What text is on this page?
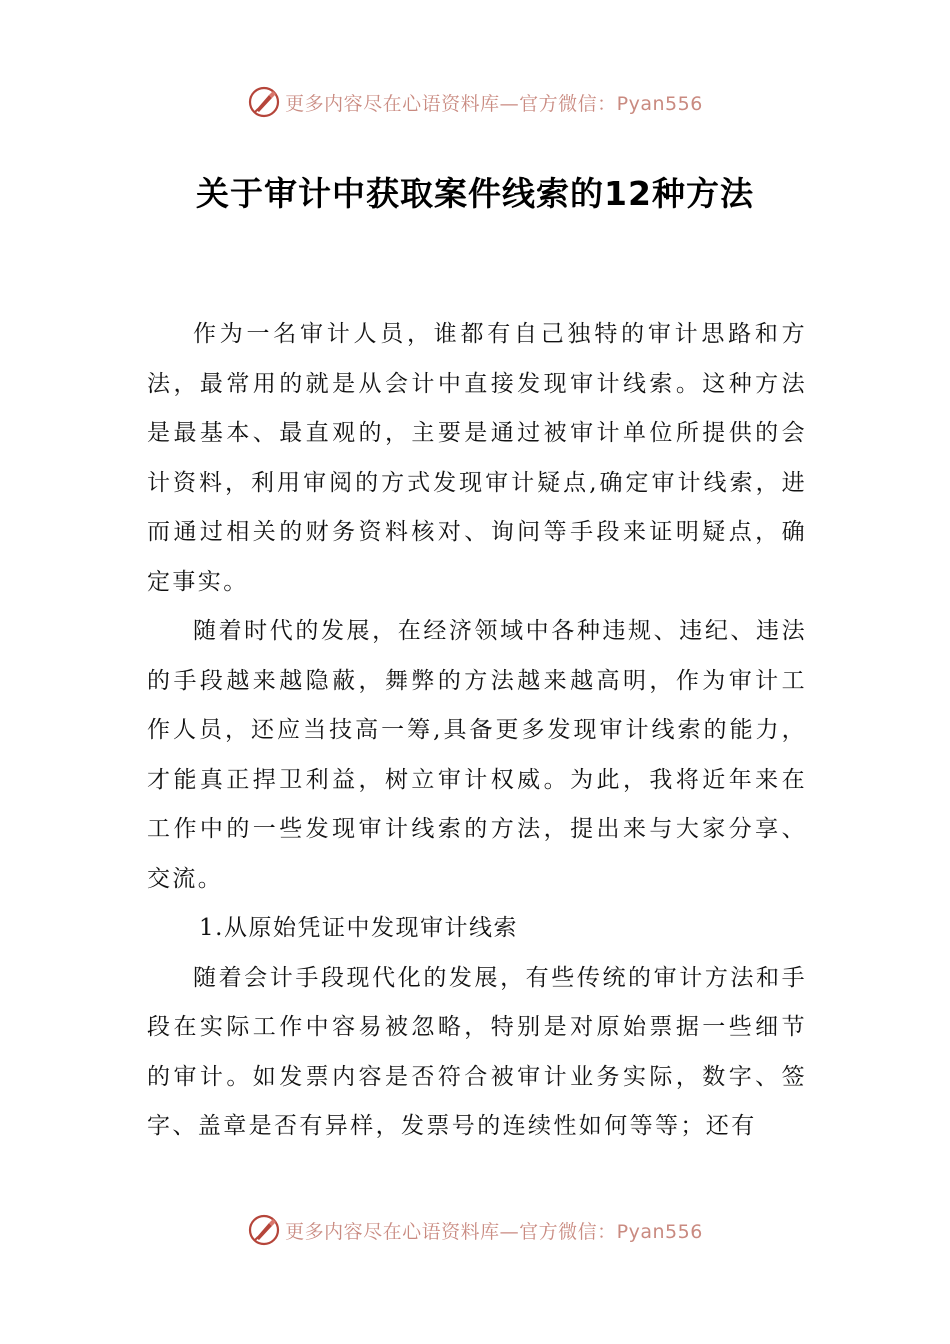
更多内容尽在心语资料库—官方微信：Pyan556
关于审计中获取案件线索的12种方法

作为一名审计人员，谁都有自己独特的审计思路和方法，最常用的就是从会计中直接发现审计线索。这种方法是最基本、最直观的，主要是通过被审计单位所提供的会计资料，利用审阅的方式发现审计疑点,确定审计线索，进而通过相关的财务资料核对、询问等手段来证明疑点，确定事实。

随着时代的发展，在经济领域中各种违规、违纪、违法的手段越来越隐蔽，舞弊的方法越来越高明，作为审计工作人员，还应当技高一筹,具备更多发现审计线索的能力，才能真正捍卫利益，树立审计权威。为此，我将近年来在工作中的一些发现审计线索的方法，提出来与大家分享、交流。

1.从原始凭证中发现审计线索

随着会计手段现代化的发展，有些传统的审计方法和手段在实际工作中容易被忽略，特别是对原始票据一些细节的审计。如发票内容是否符合被审计业务实际，数字、签字、盖章是否有异样，发票号的连续性如何等等；还有

更多内容尽在心语资料库—官方微信：Pyan556
